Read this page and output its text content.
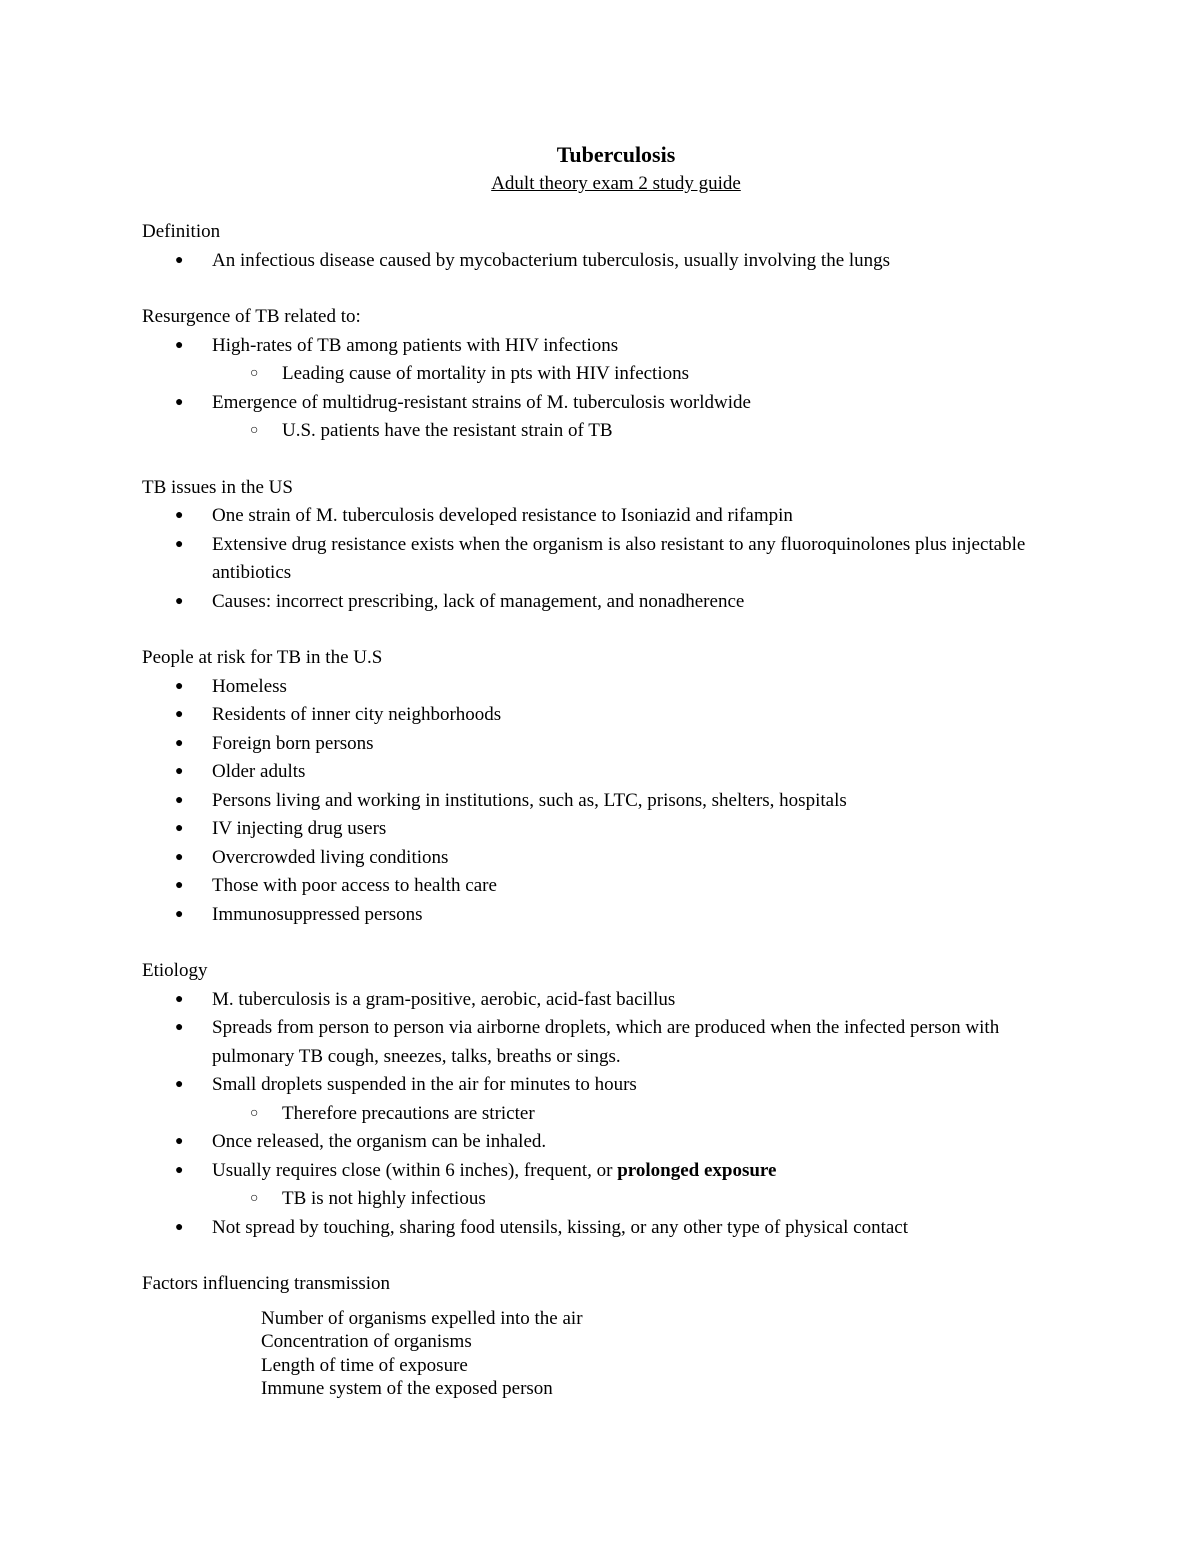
Tuberculosis

Adult theory exam 2 study guide

Definition

● An infectious disease caused by mycobacterium tuberculosis, usually involving the lungs

Resurgence of TB related to:

● High-rates of TB among patients with HIV infections
○ Leading cause of mortality in pts with HIV infections
● Emergence of multidrug-resistant strains of M. tuberculosis worldwide
○ U.S. patients have the resistant strain of TB

TB issues in the US

● One strain of M. tuberculosis developed resistance to Isoniazid and rifampin
● Extensive drug resistance exists when the organism is also resistant to any fluoroquinolones plus injectable antibiotics
● Causes: incorrect prescribing, lack of management, and nonadherence

People at risk for TB in the U.S

● Homeless
● Residents of inner city neighborhoods
● Foreign born persons
● Older adults
● Persons living and working in institutions, such as, LTC, prisons, shelters, hospitals
● IV injecting drug users
● Overcrowded living conditions
● Those with poor access to health care
● Immunosuppressed persons

Etiology

● M. tuberculosis is a gram-positive, aerobic, acid-fast bacillus
● Spreads from person to person via airborne droplets, which are produced when the infected person with pulmonary TB cough, sneezes, talks, breaths or sings.
● Small droplets suspended in the air for minutes to hours
○ Therefore precautions are stricter
● Once released, the organism can be inhaled.
● Usually requires close (within 6 inches), frequent, or prolonged exposure
○ TB is not highly infectious
● Not spread by touching, sharing food utensils, kissing, or any other type of physical contact

Factors influencing transmission

Number of organisms expelled into the air
Concentration of organisms
Length of time of exposure
Immune system of the exposed person
